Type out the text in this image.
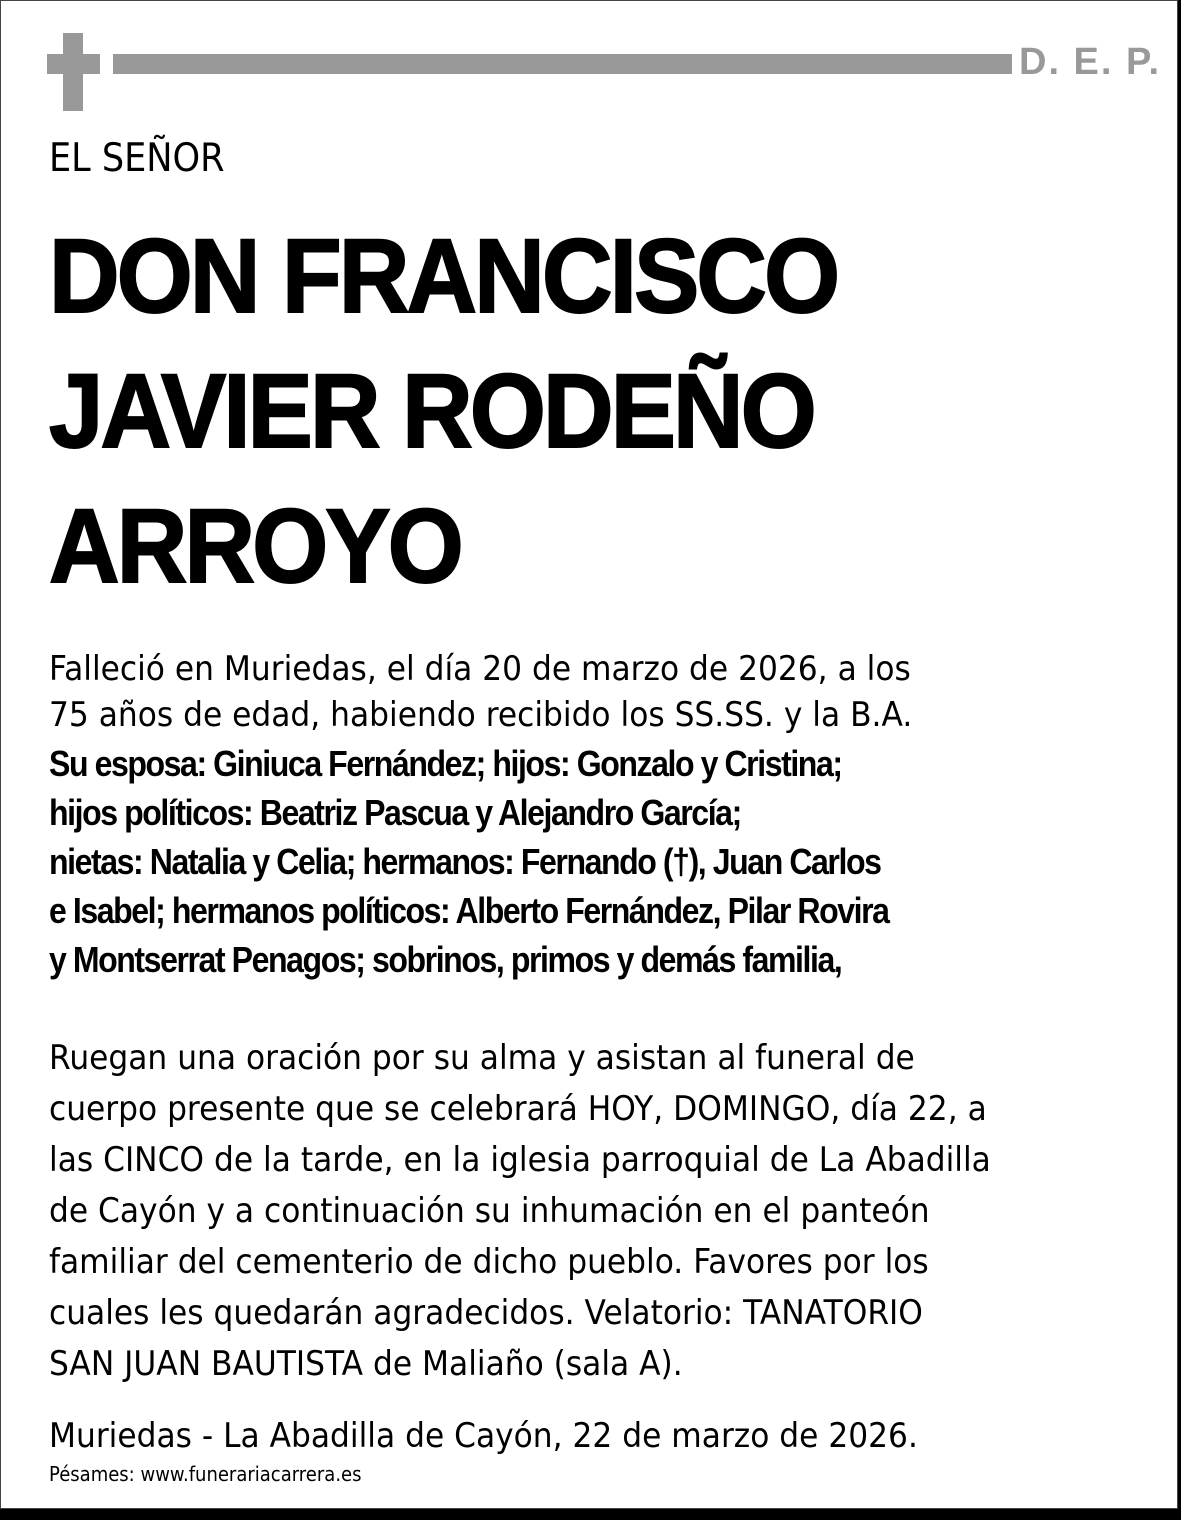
D. E. P.
EL SEÑOR
DON FRANCISCO
JAVIER RODEÑO
ARROYO
Falleció en Muriedas, el día 20 de marzo de 2026, a los
75 años de edad, habiendo recibido los SS.SS. y la B.A.
Su esposa: Giniuca Fernández; hijos: Gonzalo y Cristina;
hijos políticos: Beatriz Pascua y Alejandro García;
nietas: Natalia y Celia; hermanos: Fernando (†), Juan Carlos
e Isabel; hermanos políticos: Alberto Fernández, Pilar Rovira
y Montserrat Penagos; sobrinos, primos y demás familia,
Ruegan una oración por su alma y asistan al funeral de
cuerpo presente que se celebrará HOY, DOMINGO, día 22, a
las CINCO de la tarde, en la iglesia parroquial de La Abadilla
de Cayón y a continuación su inhumación en el panteón
familiar del cementerio de dicho pueblo. Favores por los
cuales les quedarán agradecidos. Velatorio: TANATORIO
SAN JUAN BAUTISTA de Maliaño (sala A).
Muriedas - La Abadilla de Cayón, 22 de marzo de 2026.
Pésames: www.funerariacarrera.es
